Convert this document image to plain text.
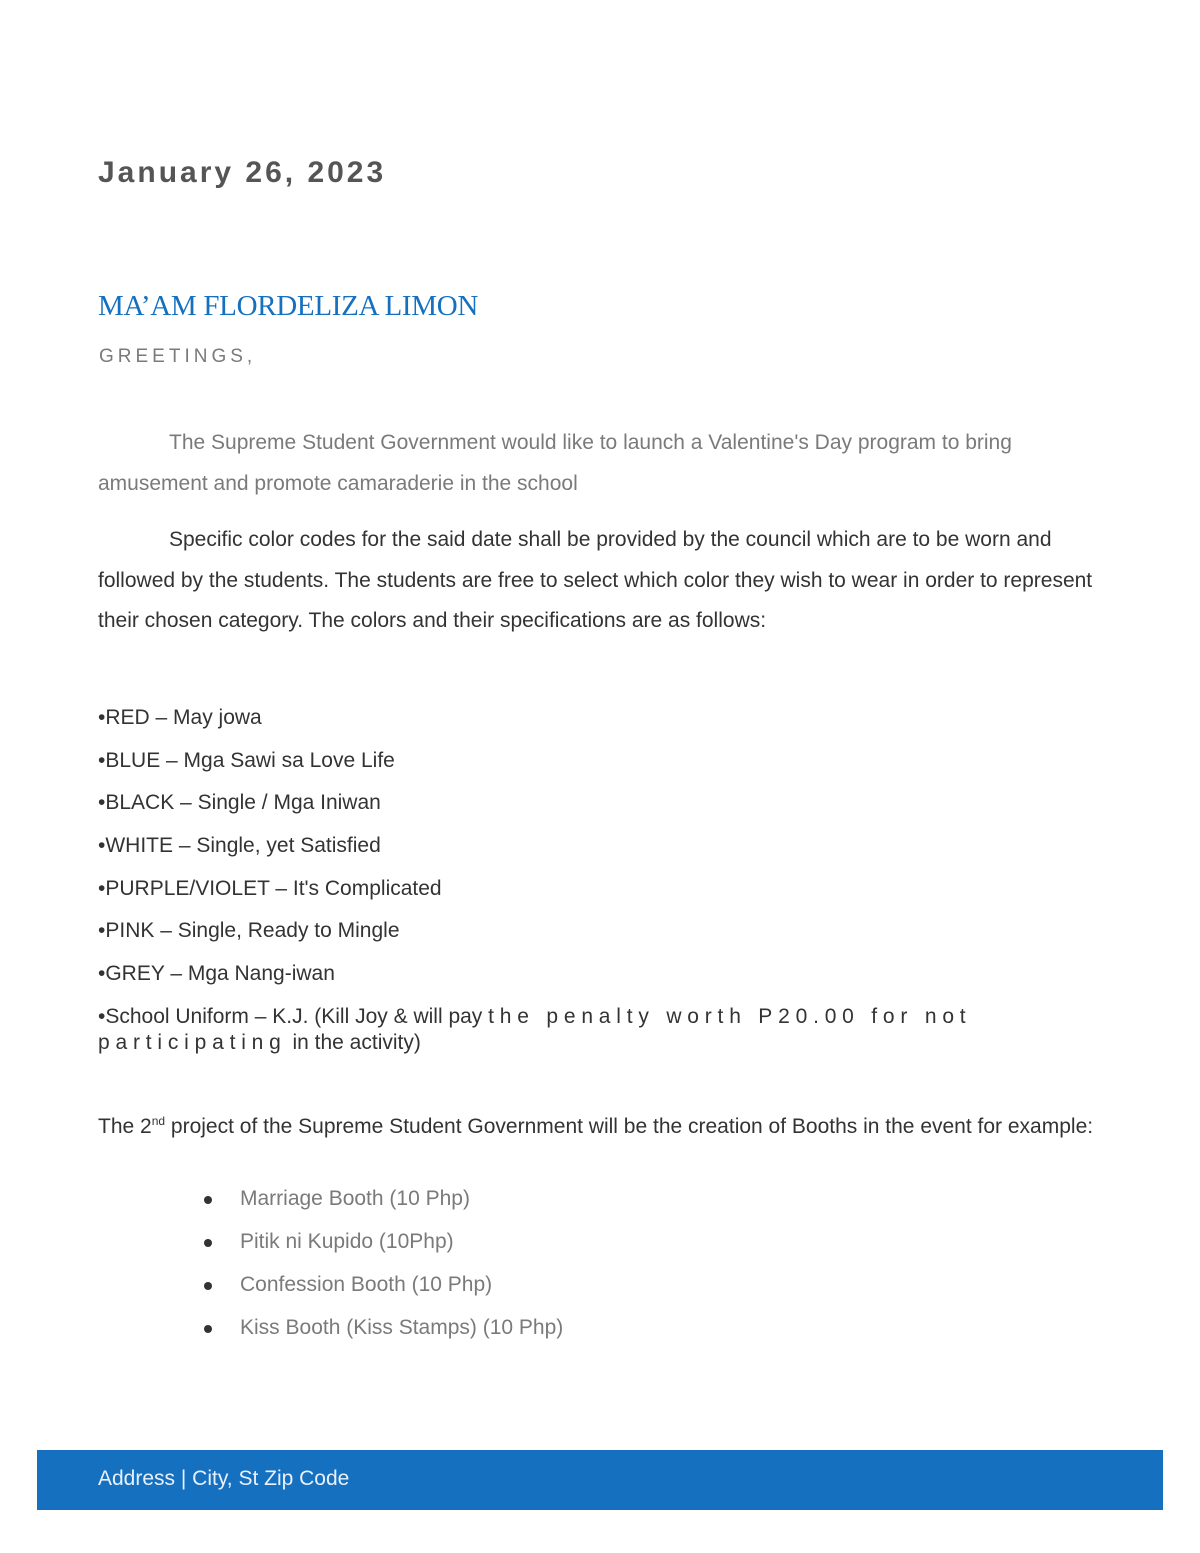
January 26, 2023
MA’AM FLORDELIZA LIMON
GREETINGS,

The Supreme Student Government would like to launch a Valentine's Day program to bring amusement and promote camaraderie in the school

Specific color codes for the said date shall be provided by the council which are to be worn and followed by the students. The students are free to select which color they wish to wear in order to represent their chosen category. The colors and their specifications are as follows:

•RED – May jowa
•BLUE – Mga Sawi sa Love Life
•BLACK – Single / Mga Iniwan
•WHITE – Single, yet Satisfied
•PURPLE/VIOLET – It's Complicated
•PINK – Single, Ready to Mingle
•GREY – Mga Nang-iwan
•School Uniform – K.J. (Kill Joy & will pay the penalty worth P20.00 for not participating in the activity)

The 2nd project of the Supreme Student Government will be the creation of Booths in the event for example:

Marriage Booth (10 Php)
Pitik ni Kupido (10Php)
Confession Booth (10 Php)
Kiss Booth (Kiss Stamps) (10 Php)
Address | City, St Zip Code
